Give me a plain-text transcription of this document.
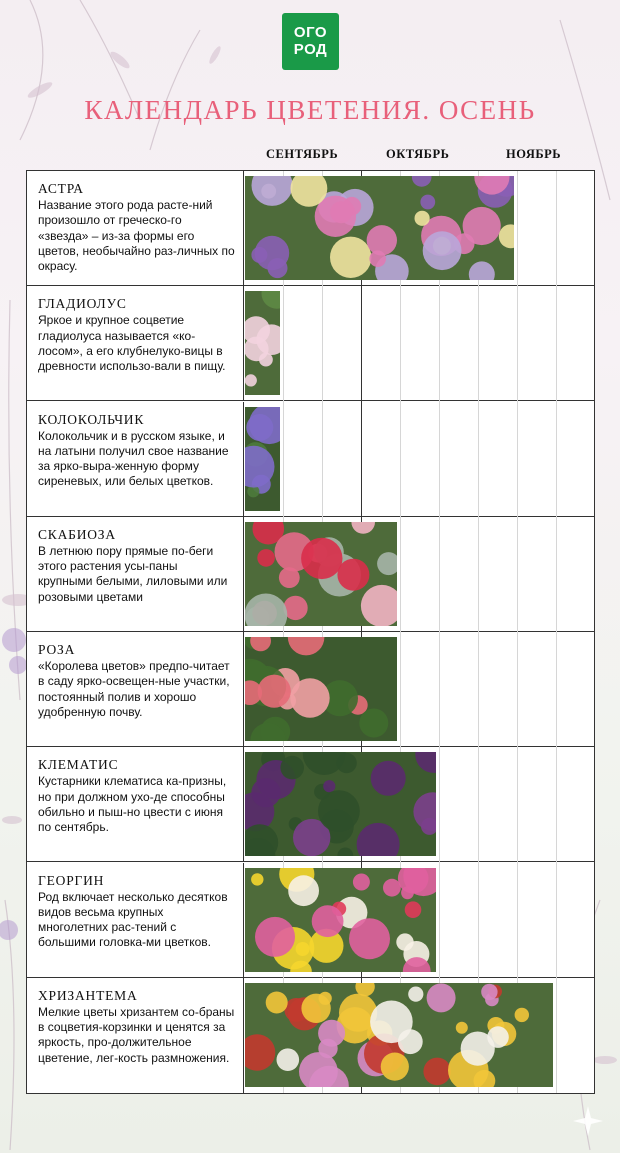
ОГО
РОД
КАЛЕНДАРЬ ЦВЕТЕНИЯ. ОСЕНЬ
СЕНТЯБРЬ	ОКТЯБРЬ	НОЯБРЬ
АСТРА
Название этого рода расте-ний произошло от греческо-го «звезда» – из-за формы его цветов, необычайно раз-личных по окрасу.
ГЛАДИОЛУС
Яркое и крупное соцветие гладиолуса называется «ко-лосом», а его клубнелуко-вицы в древности использо-вали в пищу.
КОЛОКОЛЬЧИК
Колокольчик и в русском языке, и на латыни получил свое название за ярко-выра-женную форму сиреневых, или белых цветков.
СКАБИОЗА
В летнюю пору прямые по-беги этого растения усы-паны крупными белыми, лиловыми или розовыми цветами
РОЗА
«Королева цветов» предпо-читает в саду ярко-освещен-ные участки, постоянный полив и хорошо удобренную почву.
КЛЕМАТИС
Кустарники клематиса ка-призны, но при должном ухо-де способны обильно и пыш-но цвести с июня по сентябрь.
ГЕОРГИН
Род включает несколько десятков видов весьма крупных многолетних рас-тений с большими головка-ми цветков.
ХРИЗАНТЕМА
Мелкие цветы хризантем со-браны в соцветия-корзинки и ценятся за яркость, про-должительное цветение, лег-кость размножения.
